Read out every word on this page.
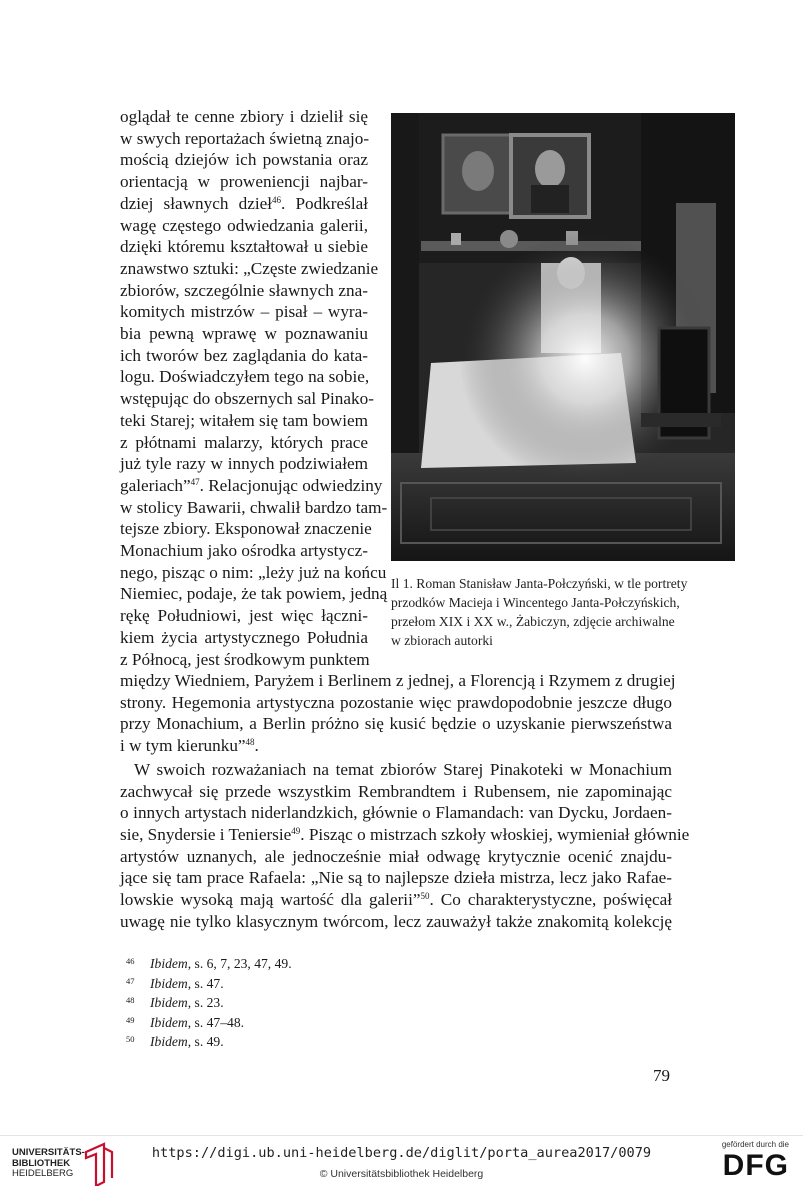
oglądał te cenne zbiory i dzielił się
w swych reportażach świetną znajo-
mością dziejów ich powstania oraz
orientacją w proweniencji najbar-
dziej sławnych dzieł$^{46}$. Podkreślał
wagę częstego odwiedzania galerii,
dzięki któremu kształtował u siebie
znawstwo sztuki: „Częste zwiedzanie
zbiorów, szczególnie sławnych zna-
komitych mistrzów – pisał – wyra-
bia pewną wprawę w poznawaniu
ich tworów bez zaglądania do kata-
logu. Doświadczyłem tego na sobie,
wstępując do obszernych sal Pinako-
teki Starej; witałem się tam bowiem
z płótnami malarzy, których prace
już tyle razy w innych podziwiałem
galeriach”$^{47}$. Relacjonując odwiedziny
w stolicy Bawarii, chwalił bardzo tam-
tejsze zbiory. Eksponował znaczenie
Monachium jako ośrodka artystycz-
nego, pisząc o nim: „leży już na końcu
Niemiec, podaje, że tak powiem, jedną
rękę Południowi, jest więc łączni-
kiem życia artystycznego Południa
z Północą, jest środkowym punktem
Il 1. Roman Stanisław Janta-Połczyński, w tle portrety
przodków Macieja i Wincentego Janta-Połczyńskich,
przełom XIX i XX w., Żabiczyn, zdjęcie archiwalne
w zbiorach autorki
między Wiedniem, Paryżem i Berlinem z jednej, a Florencją i Rzymem z drugiej
strony. Hegemonia artystyczna pozostanie więc prawdopodobnie jeszcze długo
przy Monachium, a Berlin próżno się kusić będzie o uzyskanie pierwszeństwa
i w tym kierunku”$^{48}$.
W swoich rozważaniach na temat zbiorów Starej Pinakoteki w Monachium
zachwycał się przede wszystkim Rembrandtem i Rubensem, nie zapominając
o innych artystach niderlandzkich, głównie o Flamandach: van Dycku, Jordaen-
sie, Snydersie i Teniersie$^{49}$. Pisząc o mistrzach szkoły włoskiej, wymieniał głównie
artystów uznanych, ale jednocześnie miał odwagę krytycznie ocenić znajdu-
jące się tam prace Rafaela: „Nie są to najlepsze dzieła mistrza, lecz jako Rafae-
lowskie wysoką mają wartość dla galerii”$^{50}$. Co charakterystyczne, poświęcał
uwagę nie tylko klasycznym twórcom, lecz zauważył także znakomitą kolekcję
46 Ibidem, s. 6, 7, 23, 47, 49.
47 Ibidem, s. 47.
48 Ibidem, s. 23.
49 Ibidem, s. 47–48.
50 Ibidem, s. 49.
79
UNIVERSITÄTS-
BIBLIOTHEK
HEIDELBERG
https://digi.ub.uni-heidelberg.de/diglit/porta_aurea2017/0079
© Universitätsbibliothek Heidelberg
gefördert durch die
DFG
